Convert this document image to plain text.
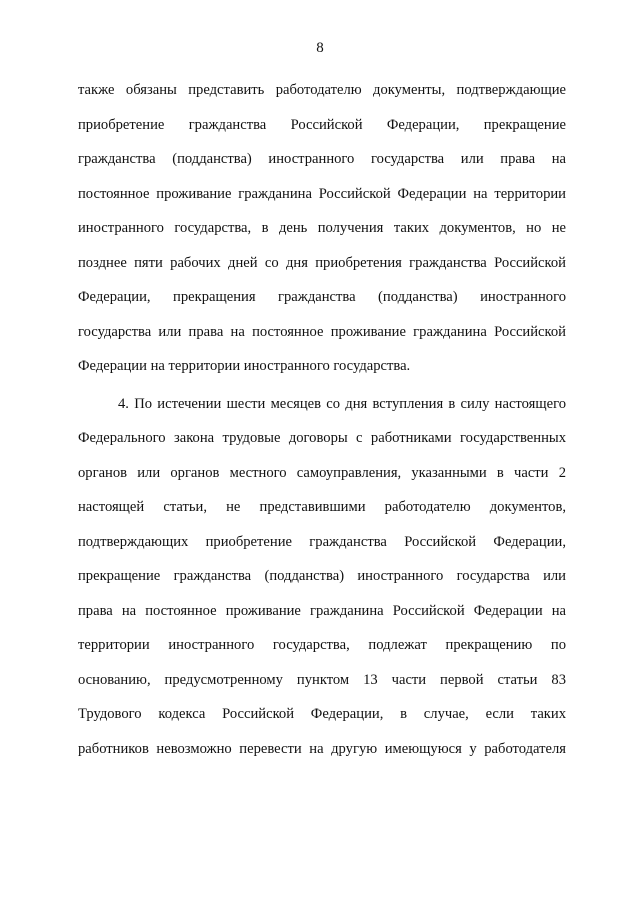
8
также обязаны представить работодателю документы, подтверждающие
приобретение гражданства Российской Федерации, прекращение
гражданства (подданства) иностранного государства или права на
постоянное проживание гражданина Российской Федерации на территории
иностранного государства, в день получения таких документов, но не
позднее пяти рабочих дней со дня приобретения гражданства Российской
Федерации, прекращения гражданства (подданства) иностранного
государства или права на постоянное проживание гражданина Российской
Федерации на территории иностранного государства.
4. По истечении шести месяцев со дня вступления в силу настоящего
Федерального закона трудовые договоры с работниками государственных
органов или органов местного самоуправления, указанными в части 2
настоящей статьи, не представившими работодателю документов,
подтверждающих приобретение гражданства Российской Федерации,
прекращение гражданства (подданства) иностранного государства или
права на постоянное проживание гражданина Российской Федерации на
территории иностранного государства, подлежат прекращению по
основанию, предусмотренному пунктом 13 части первой статьи 83
Трудового кодекса Российской Федерации, в случае, если таких
работников невозможно перевести на другую имеющуюся у работодателя
